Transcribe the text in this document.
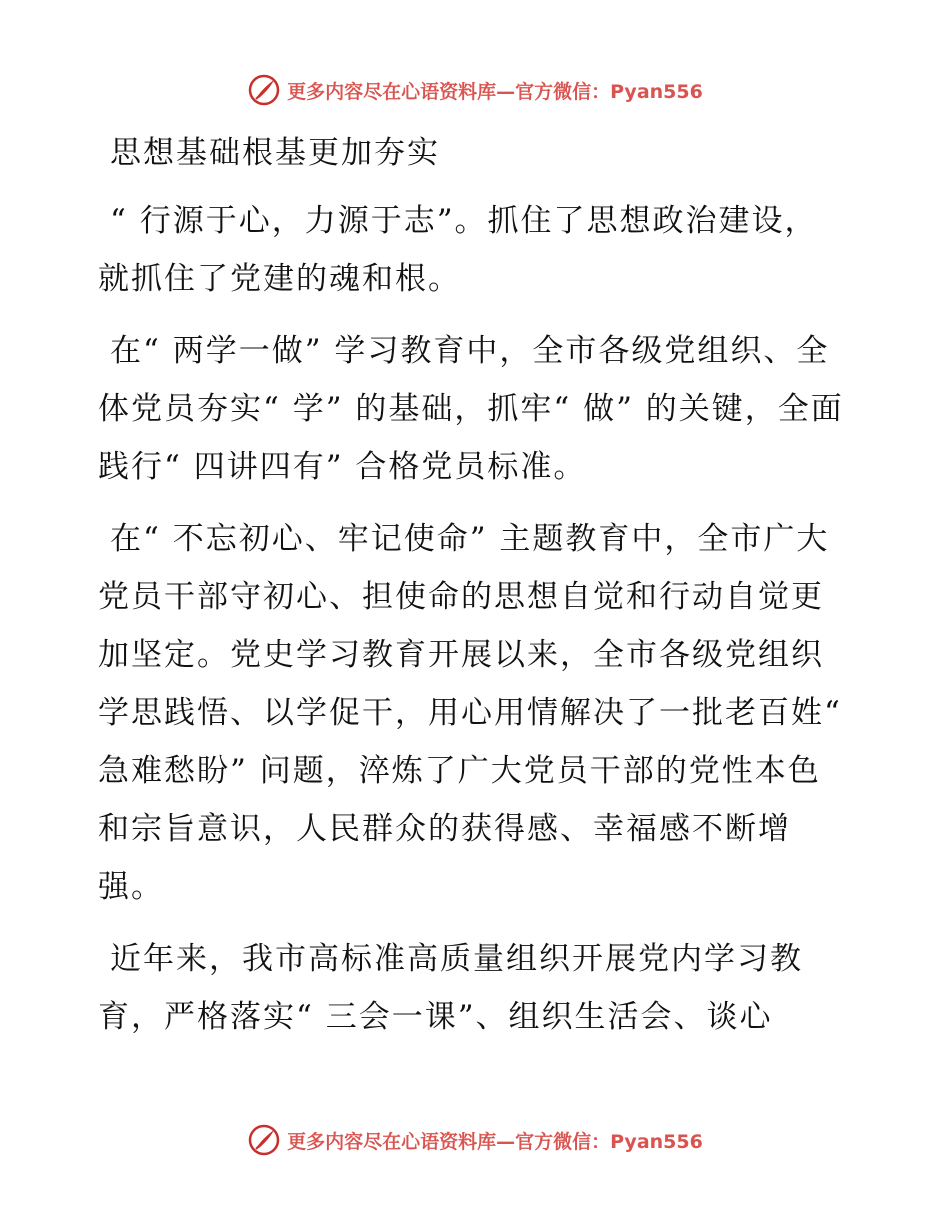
更多内容尽在心语资料库—官方微信：Pyan556

思想基础根基更加夯实

“ 行源于心，力源于志”。抓住了思想政治建设，就抓住了党建的魂和根。

在“ 两学一做” 学习教育中，全市各级党组织、全体党员夯实“ 学” 的基础，抓牢“ 做” 的关键，全面践行“ 四讲四有” 合格党员标准。

在“ 不忘初心、牢记使命” 主题教育中，全市广大党员干部守初心、担使命的思想自觉和行动自觉更加坚定。党史学习教育开展以来，全市各级党组织学思践悟、以学促干，用心用情解决了一批老百姓“ 急难愁盼” 问题，淬炼了广大党员干部的党性本色和宗旨意识，人民群众的获得感、幸福感不断增强。

近年来，我市高标准高质量组织开展党内学习教育，严格落实“ 三会一课”、组织生活会、谈心

更多内容尽在心语资料库—官方微信：Pyan556
